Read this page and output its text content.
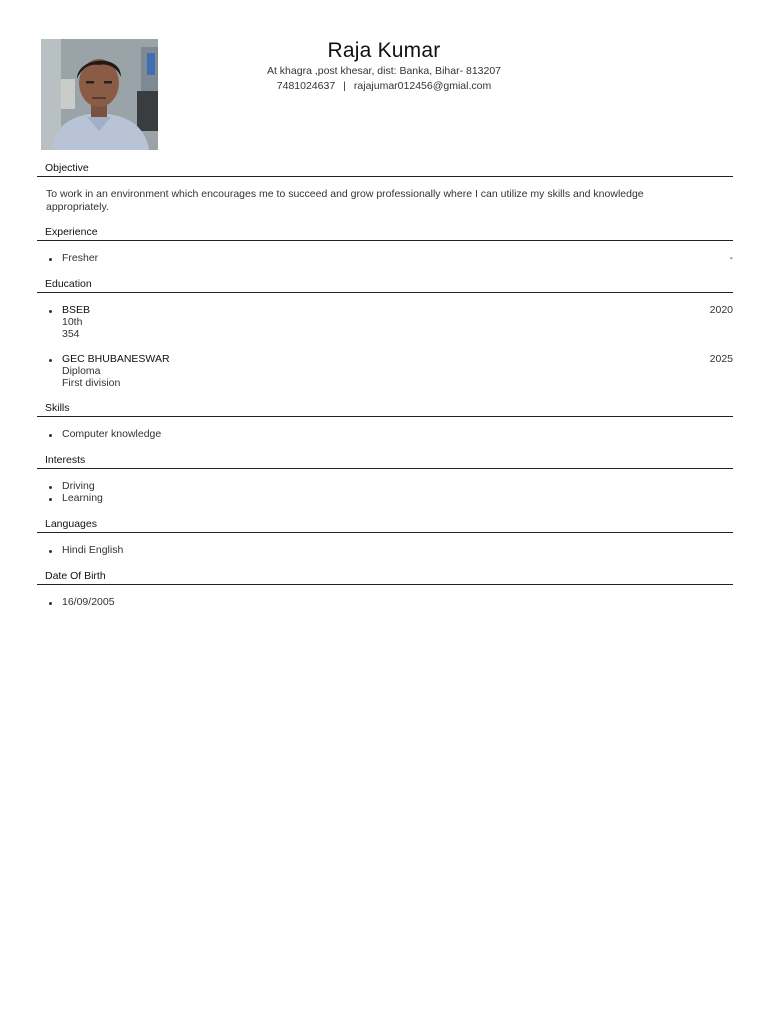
Raja Kumar
At khagra ,post khesar, dist: Banka, Bihar- 813207
7481024637 | rajajumar012456@gmial.com
Objective
To work in an environment which encourages me to succeed and grow professionally where I can utilize my skills and knowledge appropriately.
Experience
Fresher	-
Education
BSEB	2020
10th
354
GEC BHUBANESWAR	2025
Diploma
First division
Skills
Computer knowledge
Interests
Driving
Learning
Languages
Hindi English
Date Of Birth
16/09/2005
